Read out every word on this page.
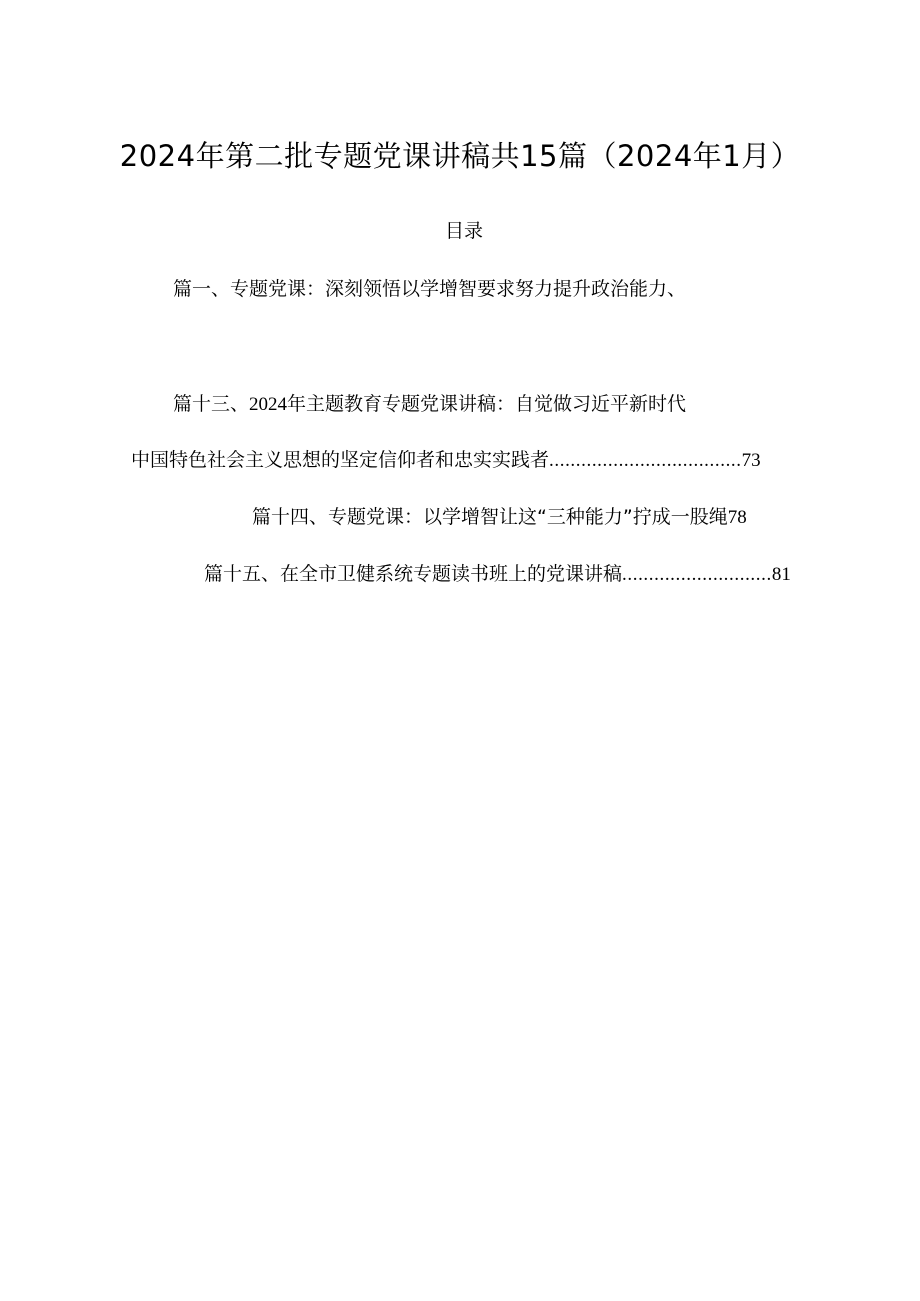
2024年第二批专题党课讲稿共15篇（2024年1月）
目录
篇一、专题党课：深刻领悟以学增智要求努力提升政治能力、
篇十三、2024年主题教育专题党课讲稿：自觉做习近平新时代
中国特色社会主义思想的坚定信仰者和忠实实践者....................................73
篇十四、专题党课：以学增智让这“三种能力”拧成一股绳78
篇十五、在全市卫健系统专题读书班上的党课讲稿............................81
